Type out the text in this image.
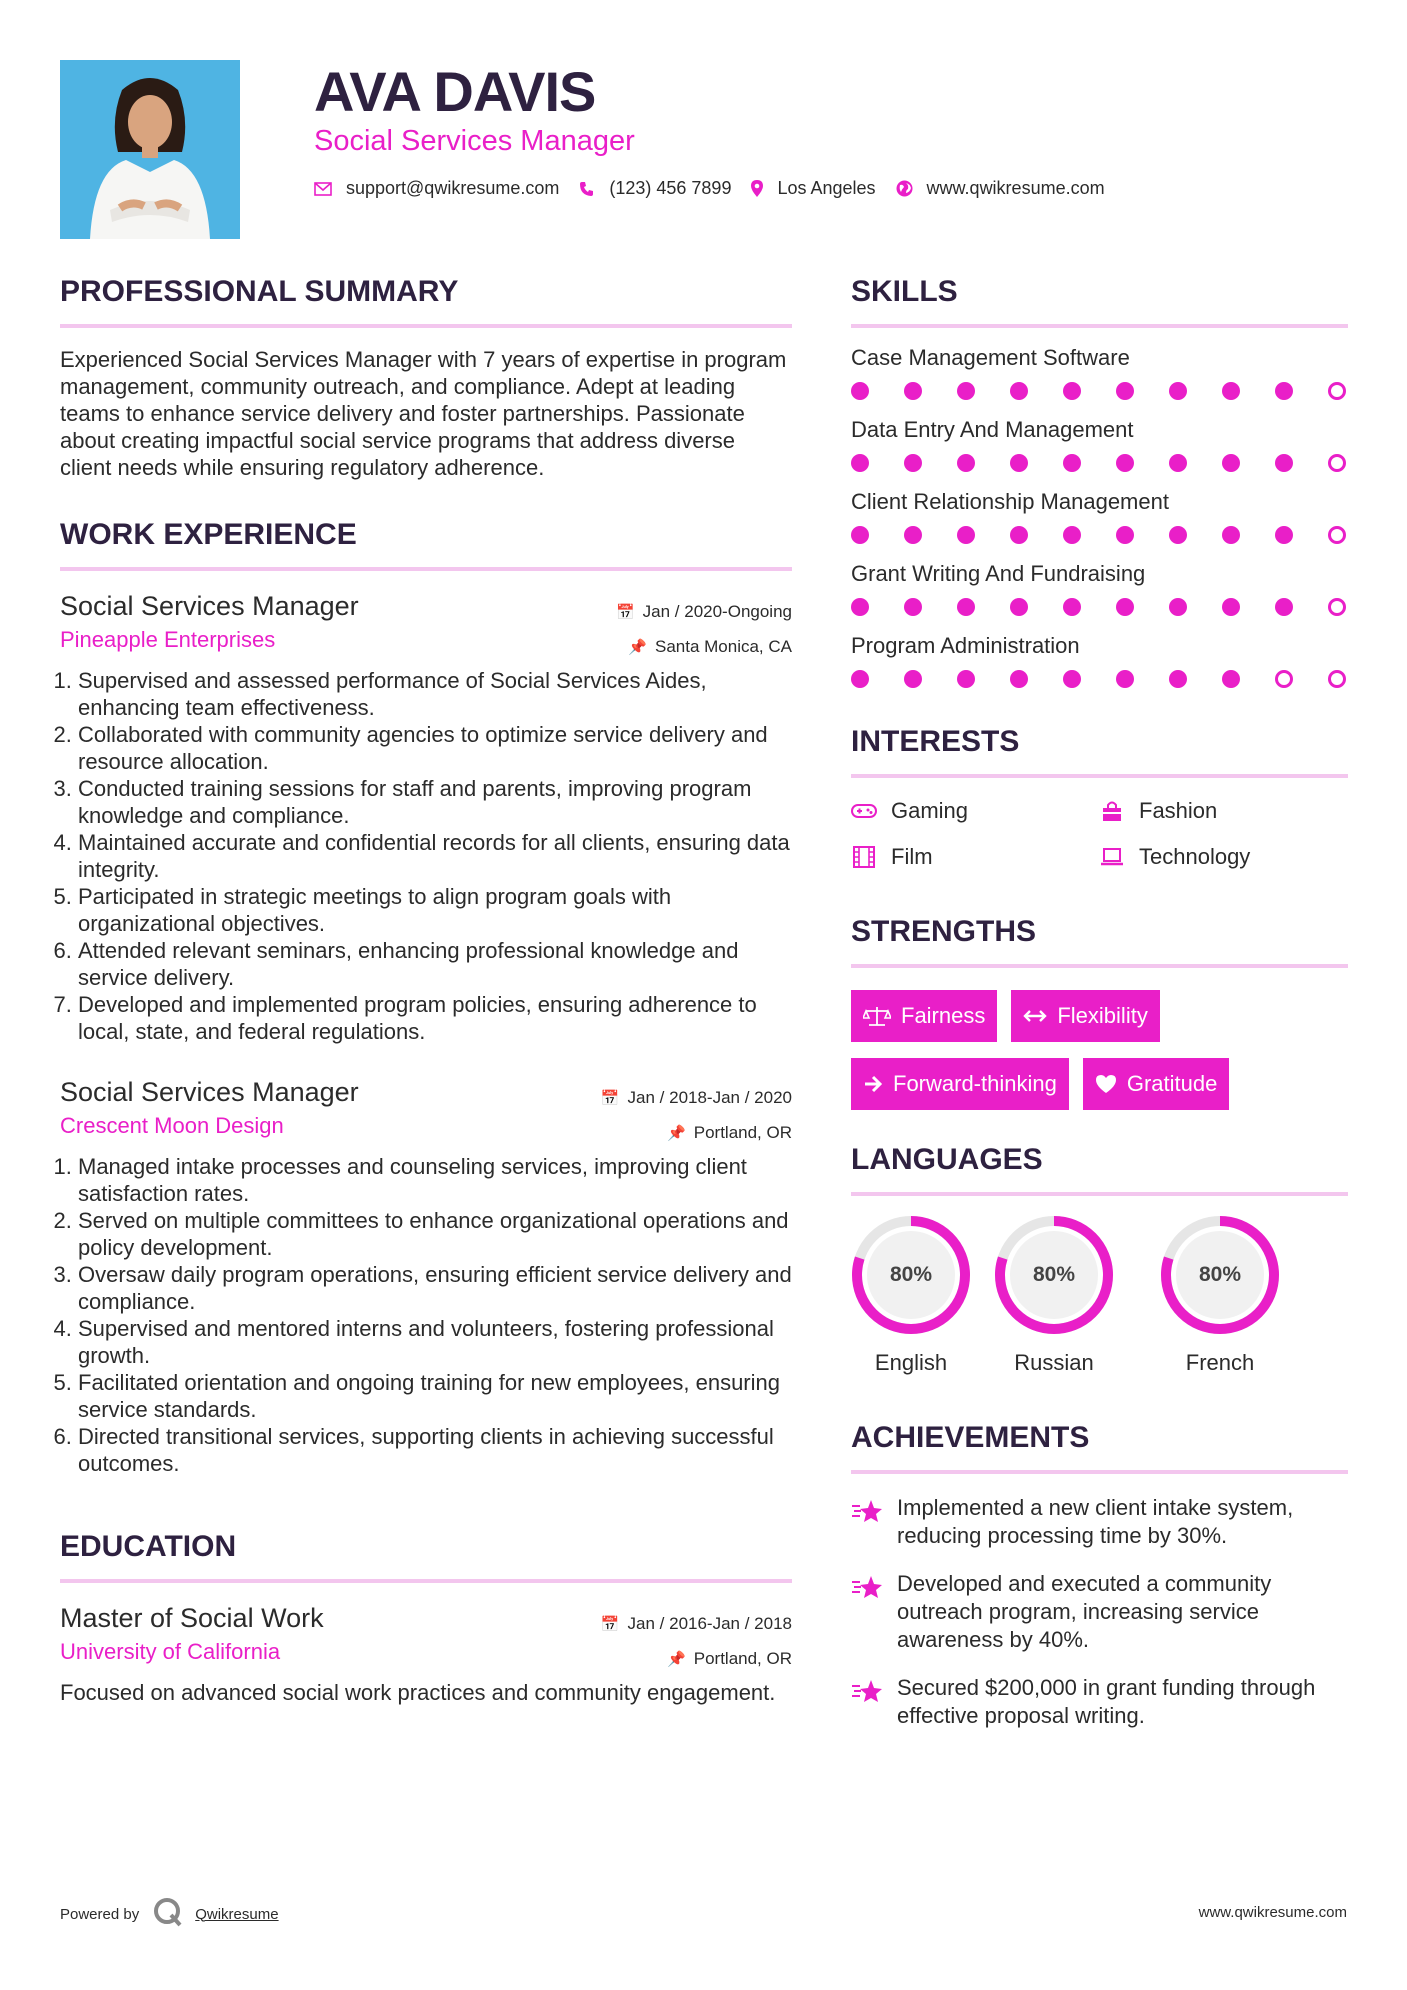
AVA DAVIS
Social Services Manager
support@qwikresume.com	(123) 456 7899	Los Angeles	www.qwikresume.com
PROFESSIONAL SUMMARY

Experienced Social Services Manager with 7 years of expertise in program management, community outreach, and compliance. Adept at leading teams to enhance service delivery and foster partnerships. Passionate about creating impactful social service programs that address diverse client needs while ensuring regulatory adherence.

WORK EXPERIENCE
Social Services Manager
Pineapple Enterprises
📅 Jan / 2020-Ongoing
📌 Santa Monica, CA
1. Supervised and assessed performance of Social Services Aides, enhancing team effectiveness.
2. Collaborated with community agencies to optimize service delivery and resource allocation.
3. Conducted training sessions for staff and parents, improving program knowledge and compliance.
4. Maintained accurate and confidential records for all clients, ensuring data integrity.
5. Participated in strategic meetings to align program goals with organizational objectives.
6. Attended relevant seminars, enhancing professional knowledge and service delivery.
7. Developed and implemented program policies, ensuring adherence to local, state, and federal regulations.
Social Services Manager
Crescent Moon Design
📅 Jan / 2018-Jan / 2020
📌 Portland, OR
1. Managed intake processes and counseling services, improving client satisfaction rates.
2. Served on multiple committees to enhance organizational operations and policy development.
3. Oversaw daily program operations, ensuring efficient service delivery and compliance.
4. Supervised and mentored interns and volunteers, fostering professional growth.
5. Facilitated orientation and ongoing training for new employees, ensuring service standards.
6. Directed transitional services, supporting clients in achieving successful outcomes.
EDUCATION
Master of Social Work
University of California
📅 Jan / 2016-Jan / 2018
📌 Portland, OR

Focused on advanced social work practices and community engagement.

SKILLS
Case Management Software
Data Entry And Management
Client Relationship Management
Grant Writing And Fundraising
Program Administration
INTERESTS
Gaming	Fashion
Film	Technology
STRENGTHS
Fairness	Flexibility
Forward-thinking	Gratitude
LANGUAGES
80%
English
80%
Russian
80%
French
ACHIEVEMENTS
Implemented a new client intake system, reducing processing time by 30%.
Developed and executed a community outreach program, increasing service awareness by 40%.
Secured $200,000 in grant funding through effective proposal writing.
Powered by	Qwikresume	www.qwikresume.com
